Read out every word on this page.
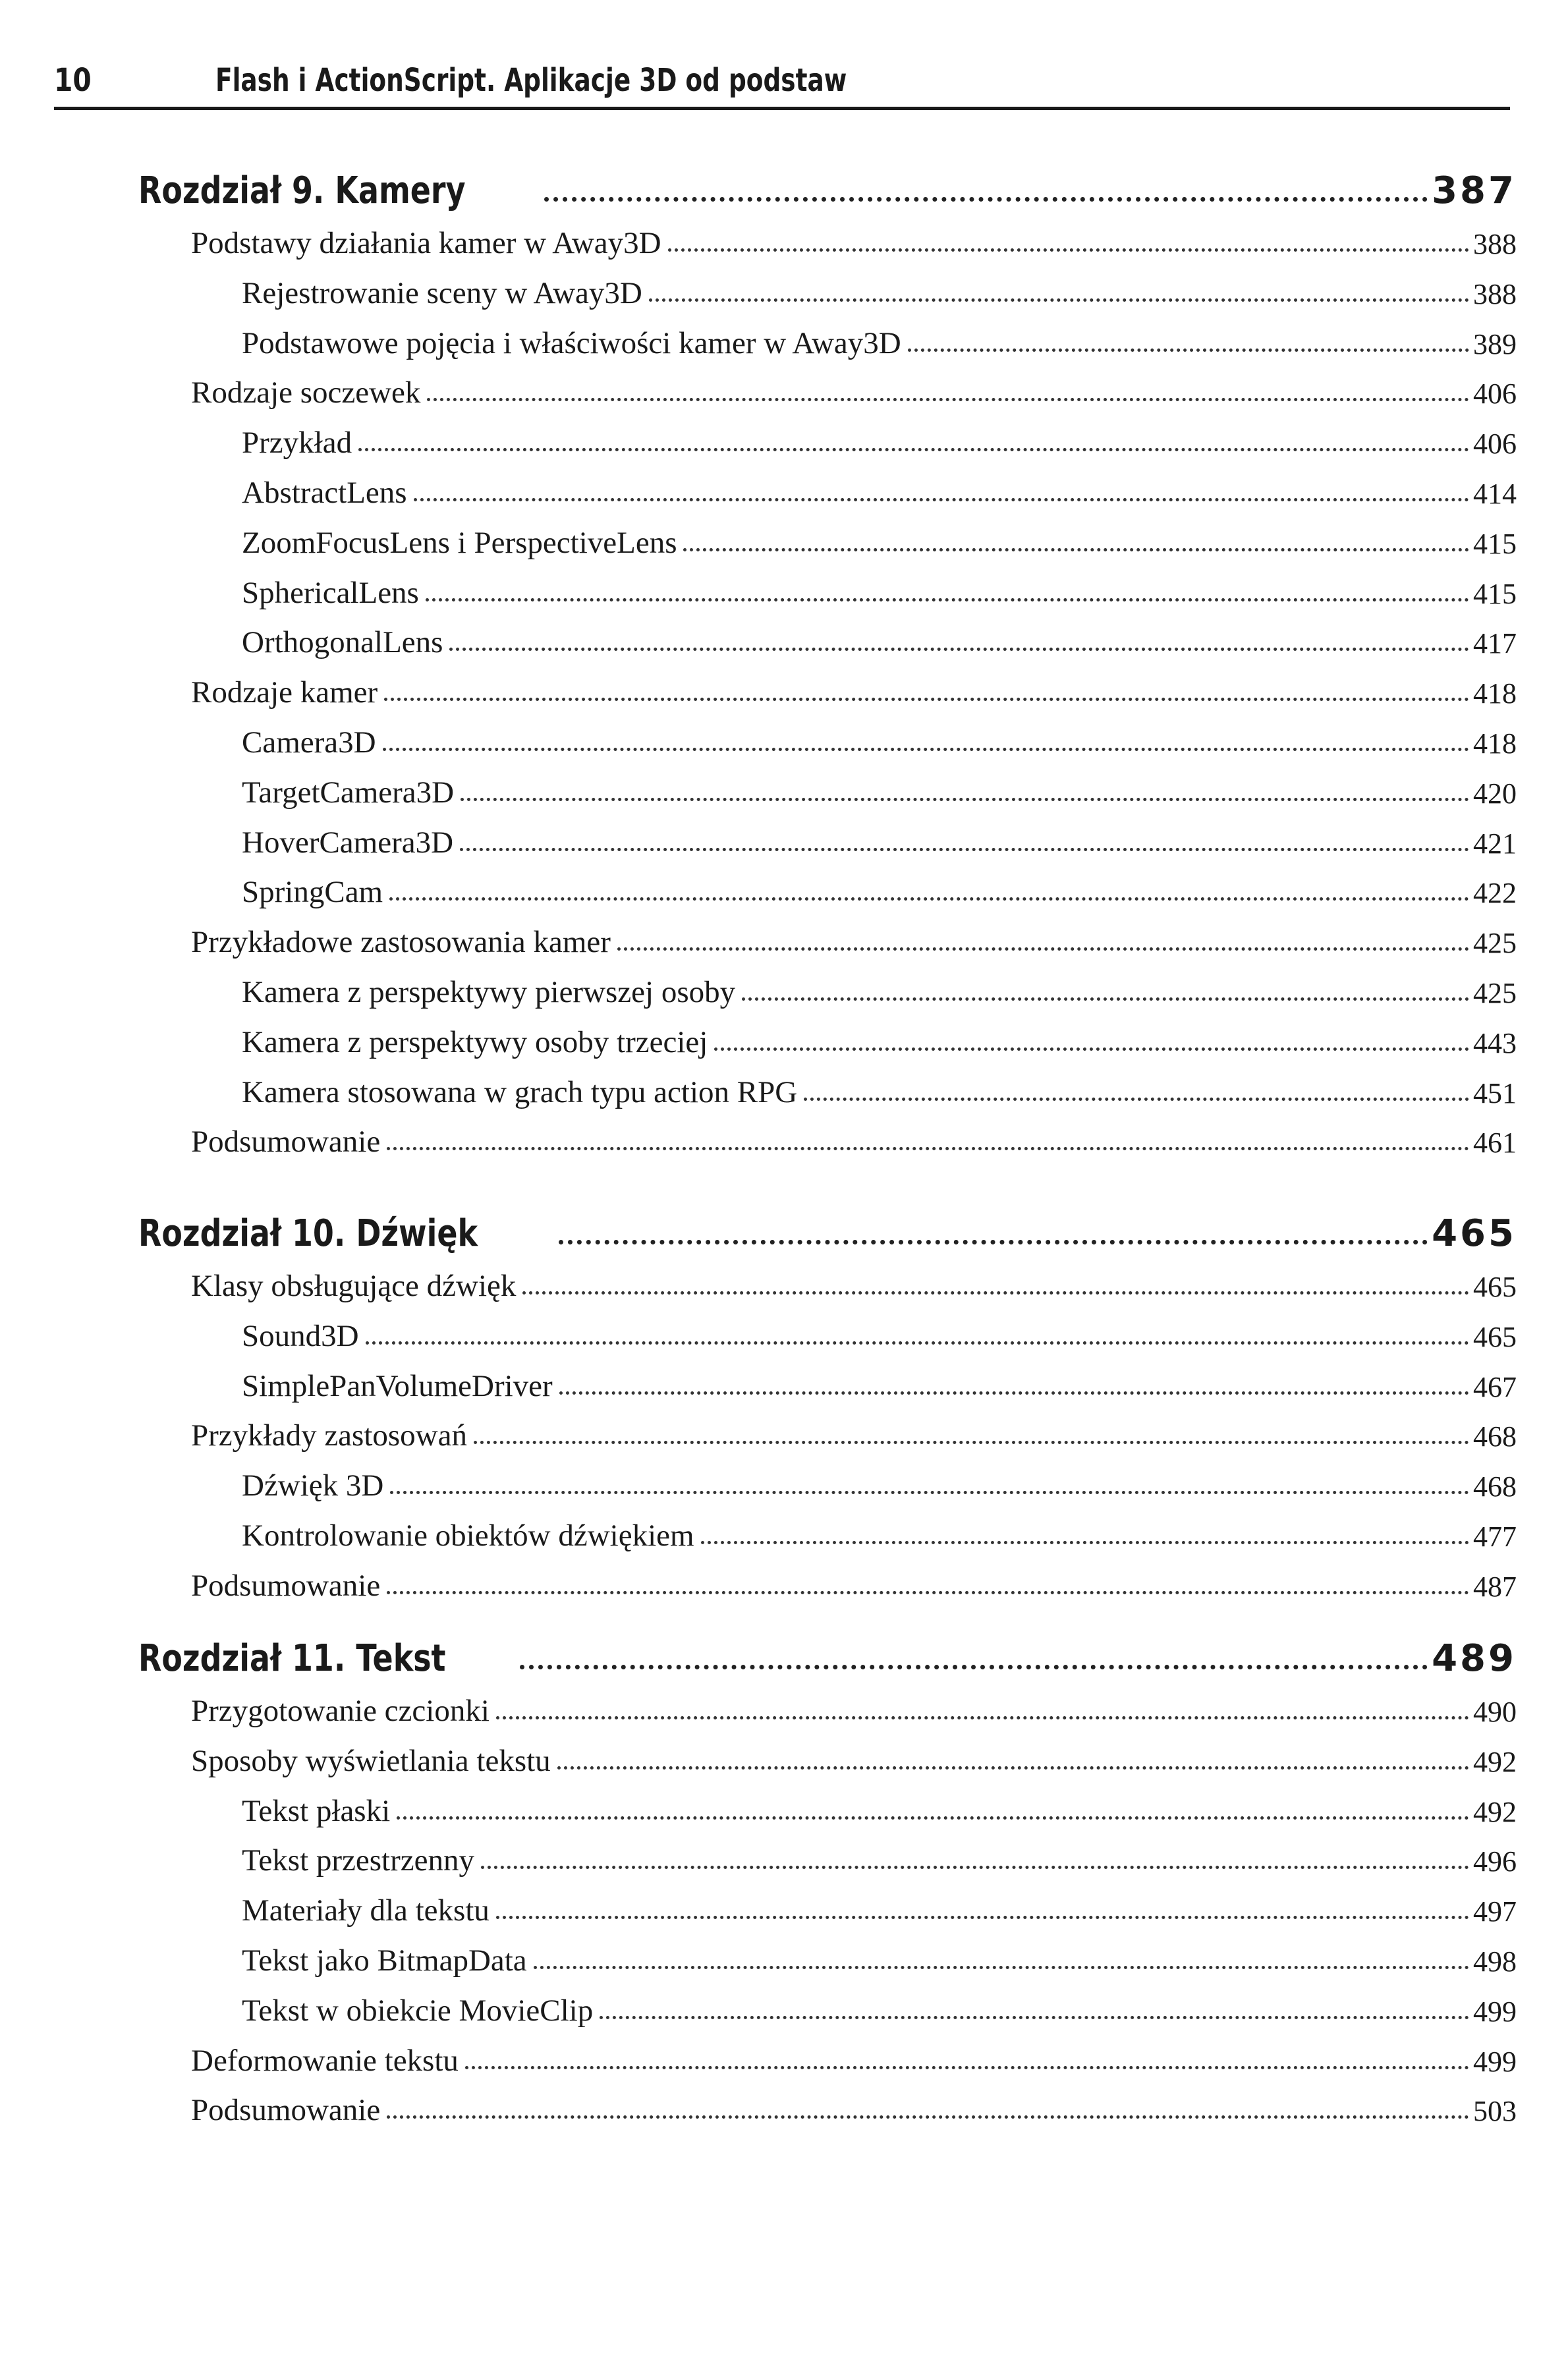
10	Flash i ActionScript. Aplikacje 3D od podstaw
Rozdział 9. Kamery	387
Podstawy działania kamer w Away3D	388
Rejestrowanie sceny w Away3D	388
Podstawowe pojęcia i właściwości kamer w Away3D	389
Rodzaje soczewek	406
Przykład	406
AbstractLens	414
ZoomFocusLens i PerspectiveLens	415
SphericalLens	415
OrthogonalLens	417
Rodzaje kamer	418
Camera3D	418
TargetCamera3D	420
HoverCamera3D	421
SpringCam	422
Przykładowe zastosowania kamer	425
Kamera z perspektywy pierwszej osoby	425
Kamera z perspektywy osoby trzeciej	443
Kamera stosowana w grach typu action RPG	451
Podsumowanie	461
Rozdział 10. Dźwięk	465
Klasy obsługujące dźwięk	465
Sound3D	465
SimplePanVolumeDriver	467
Przykłady zastosowań	468
Dźwięk 3D	468
Kontrolowanie obiektów dźwiękiem	477
Podsumowanie	487
Rozdział 11. Tekst	489
Przygotowanie czcionki	490
Sposoby wyświetlania tekstu	492
Tekst płaski	492
Tekst przestrzenny	496
Materiały dla tekstu	497
Tekst jako BitmapData	498
Tekst w obiekcie MovieClip	499
Deformowanie tekstu	499
Podsumowanie	503
